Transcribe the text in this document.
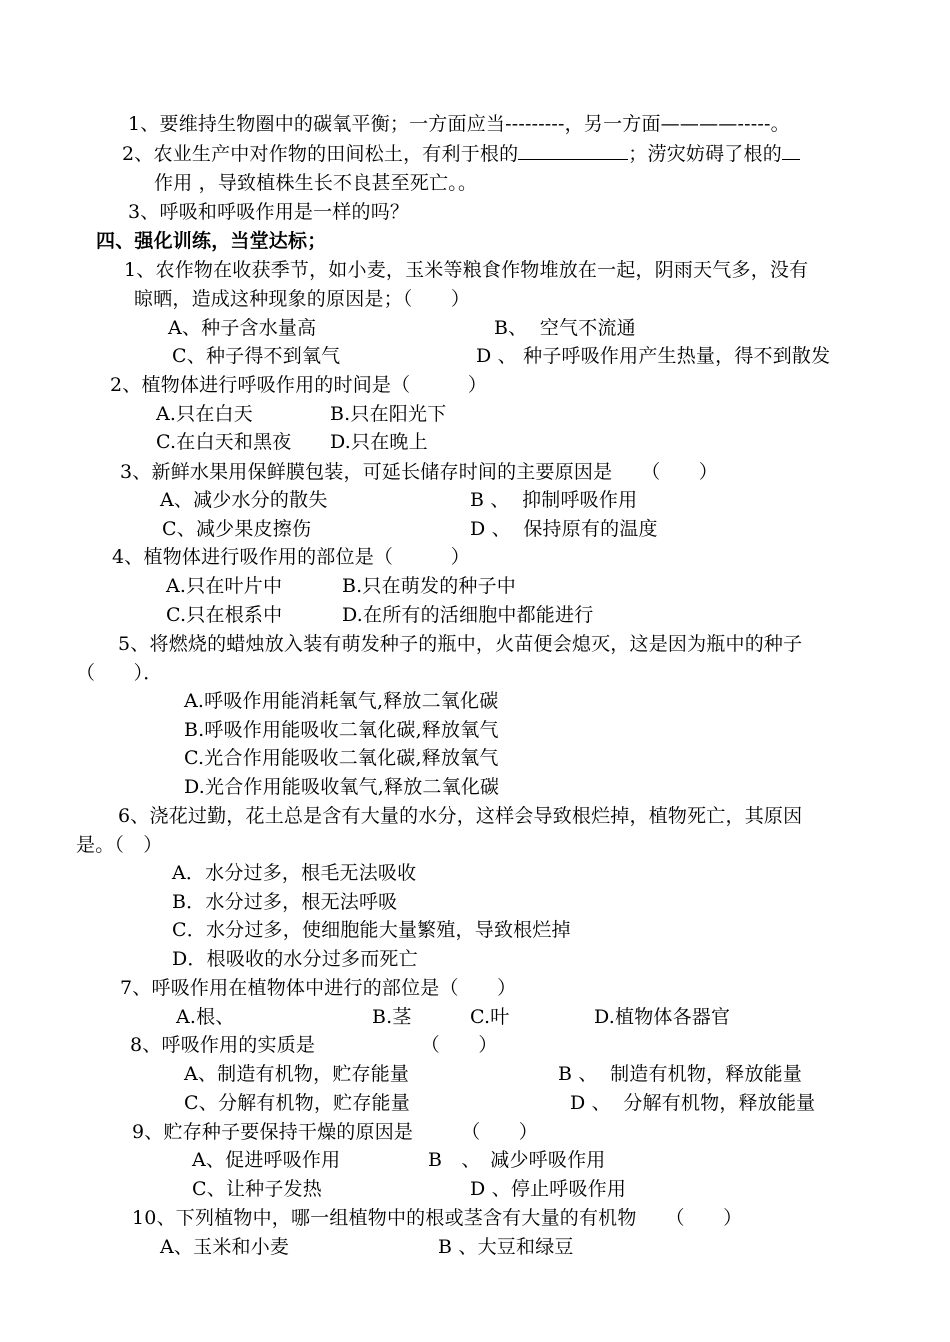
1、要维持生物圈中的碳氧平衡；一方面应当---------，另一方面————-----。
2、农业生产中对作物的田间松土，有利于根的	；涝灾妨碍了根的
作用 ，导致植株生长不良甚至死亡。。
3、呼吸和呼吸作用是一样的吗？
四、强化训练，当堂达标；
1、农作物在收获季节，如小麦，玉米等粮食作物堆放在一起，阴雨天气多，没有
晾晒，造成这种现象的原因是；（　　）
A、种子含水量高	B、  空气不流通
C、种子得不到氧气	D 、 种子呼吸作用产生热量，得不到散发
2、植物体进行呼吸作用的时间是（　　　）
A.只在白天	B.只在阳光下
C.在白天和黑夜 D.只在晚上
3、新鲜水果用保鲜膜包装，可延长储存时间的主要原因是　　（　　）
A、减少水分的散失	B 、  抑制呼吸作用
C、减少果皮擦伤	D 、  保持原有的温度
4、植物体进行吸作用的部位是（　　　）
A.只在叶片中	B.只在萌发的种子中
C.只在根系中	D.在所有的活细胞中都能进行
5、将燃烧的蜡烛放入装有萌发种子的瓶中，火苗便会熄灭，这是因为瓶中的种子
（　　）．
A.呼吸作用能消耗氧气,释放二氧化碳
B.呼吸作用能吸收二氧化碳,释放氧气
C.光合作用能吸收二氧化碳,释放氧气
D.光合作用能吸收氧气,释放二氧化碳
6、浇花过勤，花土总是含有大量的水分，这样会导致根烂掉，植物死亡，其原因
是。（　）
A．水分过多，根毛无法吸收
B．水分过多，根无法呼吸
C．水分过多，使细胞能大量繁殖，导致根烂掉
D．根吸收的水分过多而死亡
7、呼吸作用在植物体中进行的部位是（　　）
A.根、	B.茎	C.叶	D.植物体各器官
8、呼吸作用的实质是　　　　　　（　　）
A、制造有机物，贮存能量	B 、  制造有机物，释放能量
C、分解有机物，贮存能量	D 、  分解有机物，释放能量
9、贮存种子要保持干燥的原因是　　　（　　）
A、促进呼吸作用	B　、　减少呼吸作用
C、让种子发热	D 、停止呼吸作用
10、下列植物中，哪一组植物中的根或茎含有大量的有机物　　（　　）
A、玉米和小麦	B 、大豆和绿豆
